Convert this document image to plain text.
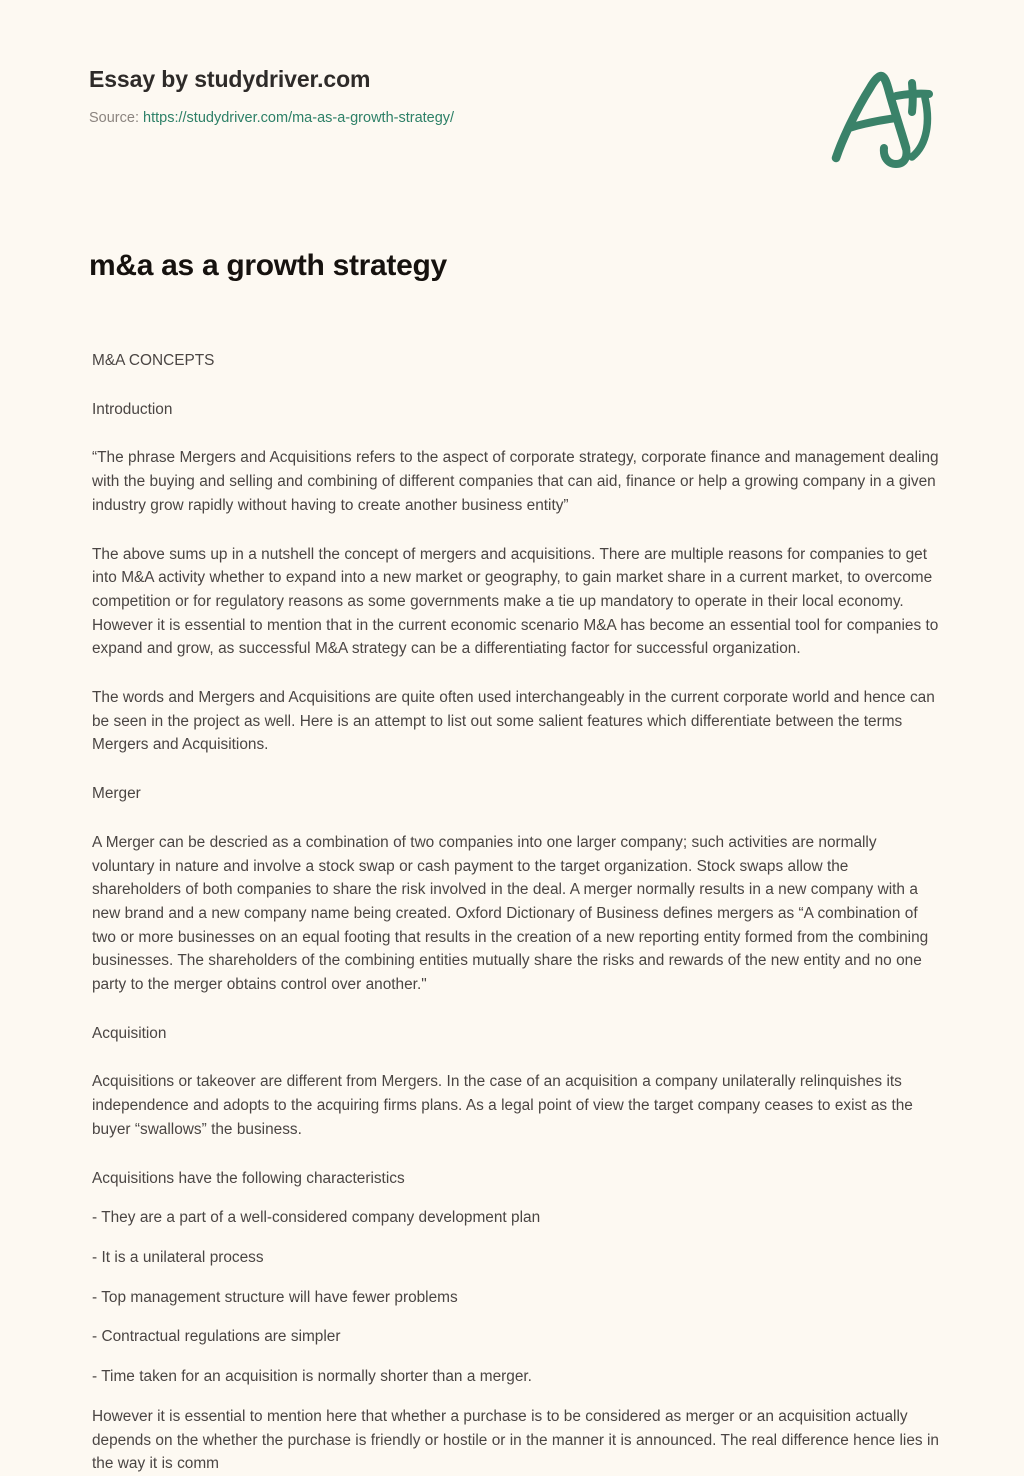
Essay by studydriver.com
Source: https://studydriver.com/ma-as-a-growth-strategy/
m&a as a growth strategy

M&A CONCEPTS

Introduction

“The phrase Mergers and Acquisitions refers to the aspect of corporate strategy, corporate finance and management dealing with the buying and selling and combining of different companies that can aid, finance or help a growing company in a given industry grow rapidly without having to create another business entity”

The above sums up in a nutshell the concept of mergers and acquisitions. There are multiple reasons for companies to get into M&A activity whether to expand into a new market or geography, to gain market share in a current market, to overcome competition or for regulatory reasons as some governments make a tie up mandatory to operate in their local economy. However it is essential to mention that in the current economic scenario M&A has become an essential tool for companies to expand and grow, as successful M&A strategy can be a differentiating factor for successful organization.

The words and Mergers and Acquisitions are quite often used interchangeably in the current corporate world and hence can be seen in the project as well. Here is an attempt to list out some salient features which differentiate between the terms Mergers and Acquisitions.

Merger

A Merger can be descried as a combination of two companies into one larger company; such activities are normally voluntary in nature and involve a stock swap or cash payment to the target organization. Stock swaps allow the shareholders of both companies to share the risk involved in the deal. A merger normally results in a new company with a new brand and a new company name being created. Oxford Dictionary of Business defines mergers as “A combination of two or more businesses on an equal footing that results in the creation of a new reporting entity formed from the combining businesses. The shareholders of the combining entities mutually share the risks and rewards of the new entity and no one party to the merger obtains control over another."

Acquisition

Acquisitions or takeover are different from Mergers. In the case of an acquisition a company unilaterally relinquishes its independence and adopts to the acquiring firms plans. As a legal point of view the target company ceases to exist as the buyer “swallows” the business.

Acquisitions have the following characteristics

- They are a part of a well-considered company development plan

- It is a unilateral process

- Top management structure will have fewer problems

- Contractual regulations are simpler

- Time taken for an acquisition is normally shorter than a merger.

However it is essential to mention here that whether a purchase is to be considered as merger or an acquisition actually depends on the whether the purchase is friendly or hostile or in the manner it is announced. The real difference hence lies in the way it is comm
